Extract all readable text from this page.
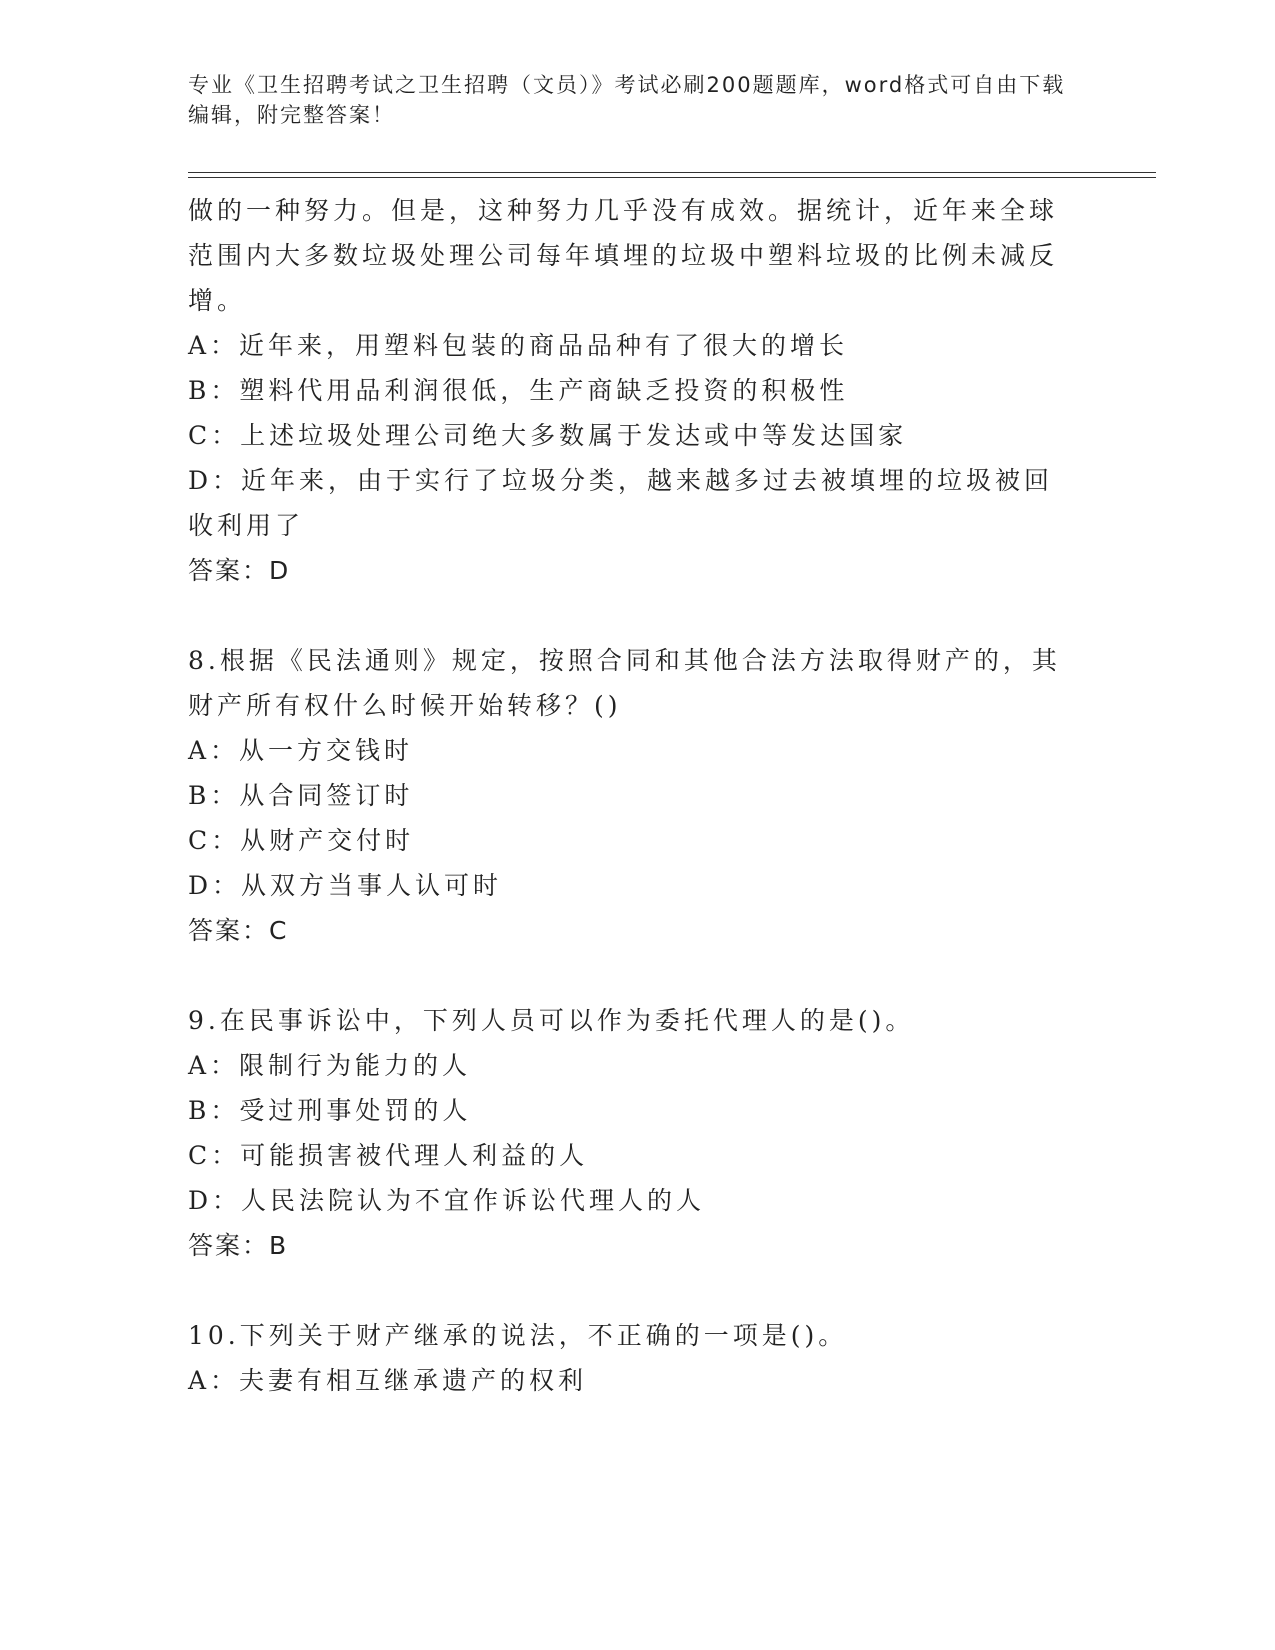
专业《卫生招聘考试之卫生招聘（文员）》考试必刷200题题库，word格式可自由下载编辑，附完整答案！

做的一种努力。但是，这种努力几乎没有成效。据统计，近年来全球范围内大多数垃圾处理公司每年填埋的垃圾中塑料垃圾的比例未减反增。

A：近年来，用塑料包装的商品品种有了很大的增长

B：塑料代用品利润很低，生产商缺乏投资的积极性

C：上述垃圾处理公司绝大多数属于发达或中等发达国家

D：近年来，由于实行了垃圾分类，越来越多过去被填埋的垃圾被回收利用了

答案：D

8.根据《民法通则》规定，按照合同和其他合法方法取得财产的，其财产所有权什么时候开始转移？()

A：从一方交钱时

B：从合同签订时

C：从财产交付时

D：从双方当事人认可时

答案：C

9.在民事诉讼中，下列人员可以作为委托代理人的是()。

A：限制行为能力的人

B：受过刑事处罚的人

C：可能损害被代理人利益的人

D：人民法院认为不宜作诉讼代理人的人

答案：B

10.下列关于财产继承的说法，不正确的一项是()。

A：夫妻有相互继承遗产的权利
